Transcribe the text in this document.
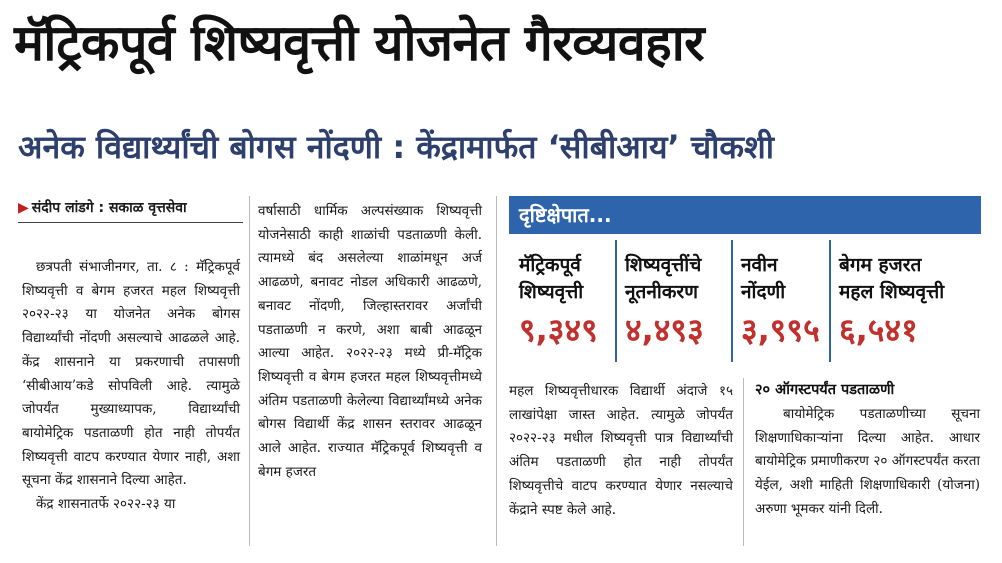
मॅट्रिकपूर्व शिष्यवृत्ती योजनेत गैरव्यवहार
अनेक विद्यार्थ्यांची बोगस नोंदणी : केंद्रामार्फत ‘सीबीआय’ चौकशी
▶ संदीप लांडगे : सकाळ वृत्तसेवा

छत्रपती संभाजीनगर, ता. ८ : मॅट्रिकपूर्व शिष्यवृत्ती व बेगम हजरत महल शिष्यवृत्ती २०२२-२३ या योजनेत अनेक बोगस विद्यार्थ्यांची नोंदणी असल्याचे आढळले आहे. केंद्र शासनाने या प्रकरणाची तपासणी ‘सीबीआय’कडे सोपविली आहे. त्यामुळे जोपर्यंत मुख्याध्यापक, विद्यार्थ्यांची बायोमेट्रिक पडताळणी होत नाही तोपर्यंत शिष्यवृत्ती वाटप करण्यात येणार नाही, अशा सूचना केंद्र शासनाने दिल्या आहेत.

केंद्र शासनातर्फे २०२२-२३ या

वर्षासाठी धार्मिक अल्पसंख्याक शिष्यवृत्ती योजनेसाठी काही शाळांची पडताळणी केली. त्यामध्ये बंद असलेल्या शाळांमधून अर्ज आढळणे, बनावट नोडल अधिकारी आढळणे, बनावट नोंदणी, जिल्हास्तरावर अर्जांची पडताळणी न करणे, अशा बाबी आढळून आल्या आहेत. २०२२-२३ मध्ये प्री-मॅट्रिक शिष्यवृत्ती व बेगम हजरत महल शिष्यवृत्तीमध्ये अंतिम पडताळणी केलेल्या विद्यार्थ्यांमध्ये अनेक बोगस विद्यार्थी केंद्र शासन स्तरावर आढळून आले आहेत. राज्यात मॅट्रिकपूर्व शिष्यवृत्ती व बेगम हजरत

दृष्टिक्षेपात...
मॅट्रिकपूर्व
शिष्यवृत्ती
९,३४९
शिष्यवृत्तींचे
नूतनीकरण
४,४९३
नवीन
नोंदणी
३,९९५
बेगम हजरत
महल शिष्यवृत्ती
६,५४१

महल शिष्यवृत्तीधारक विद्यार्थी अंदाजे १५ लाखांपेक्षा जास्त आहेत. त्यामुळे जोपर्यंत २०२२-२३ मधील शिष्यवृत्ती पात्र विद्यार्थ्यांची अंतिम पडताळणी होत नाही तोपर्यंत शिष्यवृत्तीचे वाटप करण्यात येणार नसल्याचे केंद्राने स्पष्ट केले आहे.

२० ऑगस्टपर्यंत पडताळणी

बायोमेट्रिक पडताळणीच्या सूचना शिक्षणाधिकाऱ्यांना दिल्या आहेत. आधार बायोमेट्रिक प्रमाणीकरण २० ऑगस्टपर्यंत करता येईल, अशी माहिती शिक्षणाधिकारी (योजना) अरुणा भूमकर यांनी दिली.
